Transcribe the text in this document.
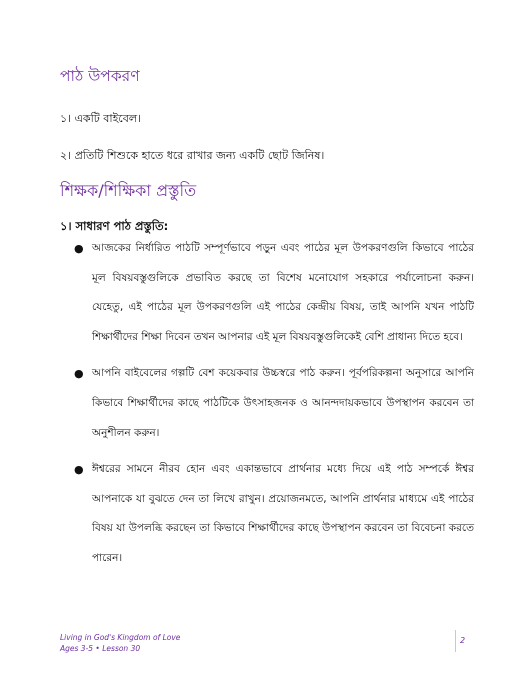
পাঠ উপকরণ

১। একটি বাইবেল।

২। প্রতিটি শিশুকে হাতে ধরে রাখার জন্য একটি ছোট জিনিষ।

শিক্ষক/শিক্ষিকা প্রস্তুতি
১। সাধারণ পাঠ প্রস্তুতি:
● আজকের নির্ধারিত পাঠটি সম্পূর্ণভাবে পড়ুন এবং পাঠের মূল উপকরণগুলি কিভাবে পাঠের মূল বিষয়বস্তুগুলিকে প্রভাবিত করছে তা বিশেষ মনোযোগ সহকারে পর্যালোচনা করুন। যেহেতু, এই পাঠের মূল উপকরণগুলি এই পাঠের কেন্দ্রীয় বিষয়, তাই আপনি যখন পাঠটি শিক্ষার্থীদের শিক্ষা দিবেন তখন আপনার এই মূল বিষয়বস্তুগুলিকেই বেশি প্রাধান্য দিতে হবে।

● আপনি বাইবেলের গল্পটি বেশ কয়েকবার উচ্চস্বরে পাঠ করুন। পূর্বপরিকল্পনা অনুসারে আপনি কিভাবে শিক্ষার্থীদের কাছে পাঠটিকে উৎসাহজনক ও আনন্দদায়কভাবে উপস্থাপন করবেন তা অনুশীলন করুন।

● ঈশ্বরের সামনে নীরব হোন এবং একান্তভাবে প্রার্থনার মধ্যে দিয়ে এই পাঠ সম্পর্কে ঈশ্বর আপনাকে যা বুঝতে দেন তা লিখে রাখুন। প্রয়োজনমতে, আপনি প্রার্থনার মাধ্যমে এই পাঠের বিষয় যা উপলব্ধি করছেন তা কিভাবে শিক্ষার্থীদের কাছে উপস্থাপন করবেন তা বিবেচনা করতে পারেন।

Living in God's Kingdom of Love
Ages 3-5 • Lesson 30
2
